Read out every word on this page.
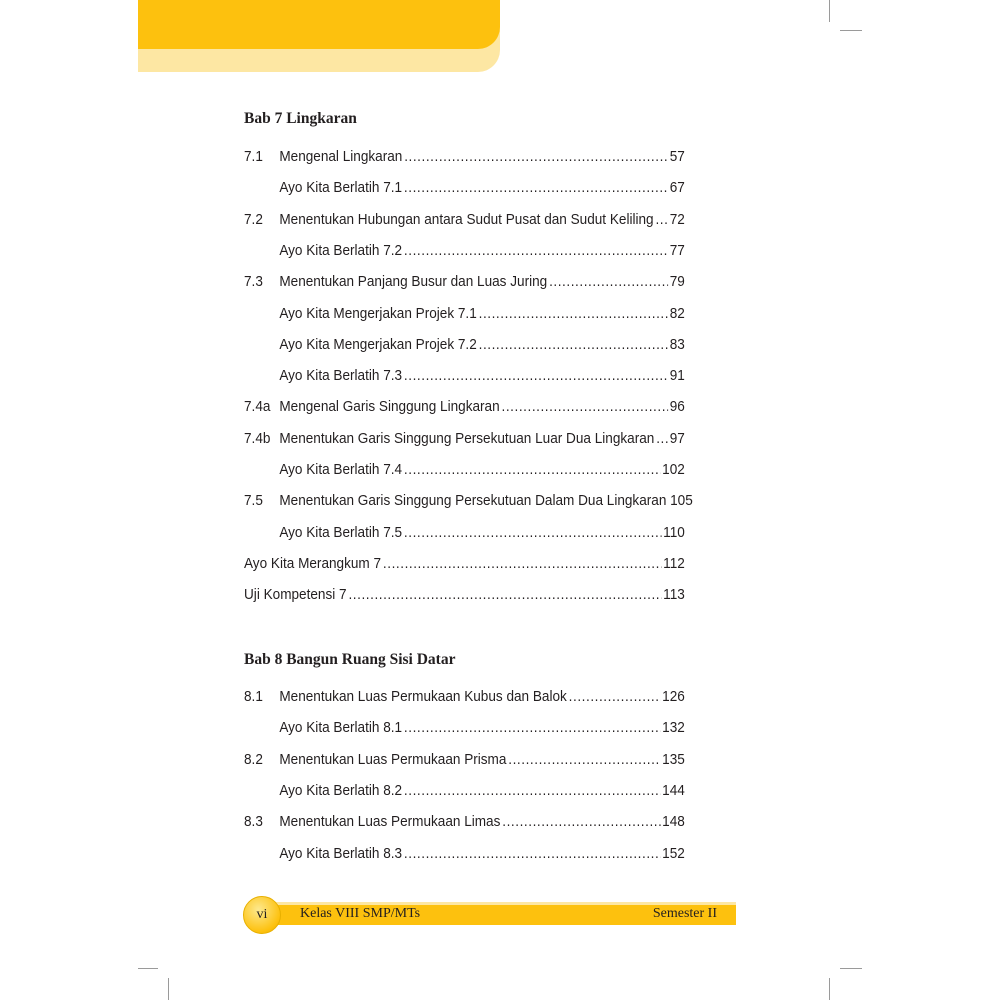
Bab 7 Lingkaran
7.1	Mengenal Lingkaran .....	57
Ayo Kita Berlatih 7.1 .....	67
7.2	Menentukan Hubungan antara Sudut Pusat dan Sudut Keliling ..... 72
Ayo Kita Berlatih 7.2 .....	77
7.3	Menentukan Panjang Busur dan Luas Juring .....	79
Ayo Kita Mengerjakan Projek 7.1 .....	82
Ayo Kita Mengerjakan Projek 7.2 .....	83
Ayo Kita Berlatih 7.3 .....	91
7.4a Mengenal Garis Singgung Lingkaran .....	96
7.4b Menentukan Garis Singgung Persekutuan Luar Dua Lingkaran ..... 97
Ayo Kita Berlatih 7.4 .....	102
7.5	Menentukan Garis Singgung Persekutuan Dalam Dua Lingkaran 105
Ayo Kita Berlatih 7.5 .....	110
Ayo Kita Merangkum 7 .....	112
Uji Kompetensi 7 .....	113
Bab 8 Bangun Ruang Sisi Datar
8.1	Menentukan Luas Permukaan Kubus dan Balok .....	126
Ayo Kita Berlatih 8.1 .....	132
8.2	Menentukan Luas Permukaan Prisma .....	135
Ayo Kita Berlatih 8.2 .....	144
8.3	Menentukan Luas Permukaan Limas .....	148
Ayo Kita Berlatih 8.3 .....	152
vi Kelas VIII SMP/MTs	Semester II
